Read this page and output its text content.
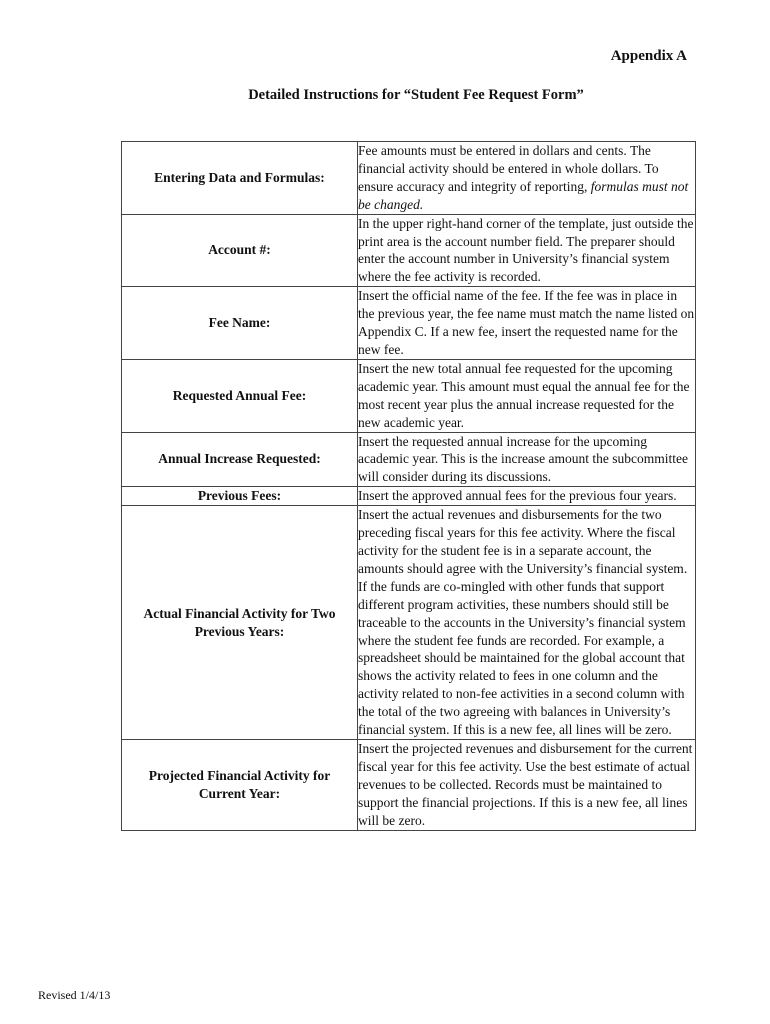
Appendix A
Detailed Instructions for “Student Fee Request Form”
Entering Data and Formulas:	Fee amounts must be entered in dollars and cents. The financial activity should be entered in whole dollars. To ensure accuracy and integrity of reporting, formulas must not be changed.
Account #:	In the upper right-hand corner of the template, just outside the print area is the account number field. The preparer should enter the account number in University’s financial system where the fee activity is recorded.
Fee Name:	Insert the official name of the fee. If the fee was in place in the previous year, the fee name must match the name listed on Appendix C. If a new fee, insert the requested name for the new fee.
Requested Annual Fee:	Insert the new total annual fee requested for the upcoming academic year. This amount must equal the annual fee for the most recent year plus the annual increase requested for the new academic year.
Annual Increase Requested:	Insert the requested annual increase for the upcoming academic year. This is the increase amount the subcommittee will consider during its discussions.
Previous Fees:	Insert the approved annual fees for the previous four years.
Actual Financial Activity for Two Previous Years:	Insert the actual revenues and disbursements for the two preceding fiscal years for this fee activity. Where the fiscal activity for the student fee is in a separate account, the amounts should agree with the University’s financial system. If the funds are co-mingled with other funds that support different program activities, these numbers should still be traceable to the accounts in the University’s financial system where the student fee funds are recorded. For example, a spreadsheet should be maintained for the global account that shows the activity related to fees in one column and the activity related to non-fee activities in a second column with the total of the two agreeing with balances in University’s financial system. If this is a new fee, all lines will be zero.
Projected Financial Activity for Current Year:	Insert the projected revenues and disbursement for the current fiscal year for this fee activity. Use the best estimate of actual revenues to be collected. Records must be maintained to support the financial projections. If this is a new fee, all lines will be zero.
Revised 1/4/13
